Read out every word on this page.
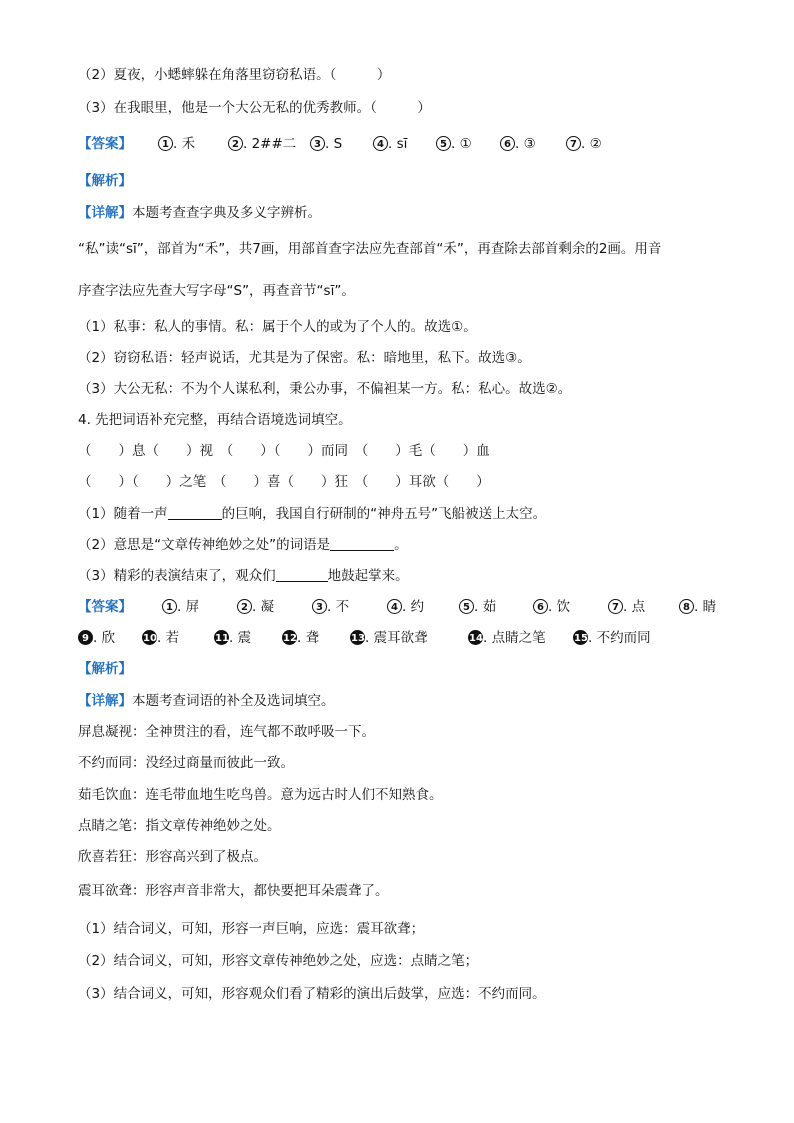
（2）夏夜，小蟋蟀躲在角落里窃窃私语。（　　　）
（3）在我眼里，他是一个大公无私的优秀教师。（　　　）
【答案】	1 . 禾	2 . 2##二	3 . S	4 . sī	5 . ①	6 . ③	7 . ②
【解析】
【详解】本题考查查字典及多义字辨析。
“私”读“sī”，部首为“禾”，共7画，用部首查字法应先查部首“禾”，再查除去部首剩余的2画。用音
序查字法应先查大写字母“S”，再查音节“sī”。
（1）私事：私人的事情。私：属于个人的或为了个人的。故选①。
（2）窃窃私语：轻声说话，尤其是为了保密。私：暗地里，私下。故选③。
（3）大公无私：不为个人谋私利，秉公办事，不偏袒某一方。私：私心。故选②。
4. 先把词语补充完整，再结合语境选词填空。
（　　）息（　　）视　（　　）（　　）而同　（　　）毛（　　）血
（　　）（　　）之笔　（　　）喜（　　）狂　（　　）耳欲（　　）
（1）随着一声	的巨响，我国自行研制的“神舟五号”飞船被送上太空。
（2）意思是“文章传神绝妙之处”的词语是	。
（3）精彩的表演结束了，观众们	地鼓起掌来。
【答案】	1 . 屏	2 . 凝	3 . 不	4 . 约	5 . 茹	6 . 饮	7 . 点	8 . 睛
9 . 欣	10. 若	11. 震	12. 聋	13. 震耳欲聋	14. 点睛之笔	15. 不约而同
【解析】
【详解】本题考查词语的补全及选词填空。
屏息凝视：全神贯注的看，连气都不敢呼吸一下。
不约而同：没经过商量而彼此一致。
茹毛饮血：连毛带血地生吃鸟兽。意为远古时人们不知熟食。
点睛之笔：指文章传神绝妙之处。
欣喜若狂：形容高兴到了极点。
震耳欲聋：形容声音非常大，都快要把耳朵震聋了。
（1）结合词义，可知，形容一声巨响，应选：震耳欲聋；
（2）结合词义，可知，形容文章传神绝妙之处，应选：点睛之笔；
（3）结合词义，可知，形容观众们看了精彩的演出后鼓掌，应选：不约而同。
